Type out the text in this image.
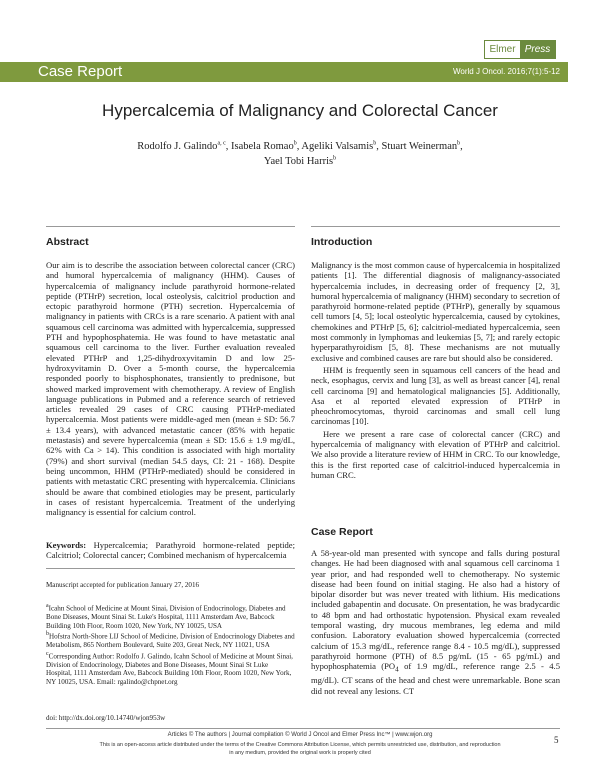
Elmer Press
Case Report	World J Oncol. 2016;7(1):5-12
Hypercalcemia of Malignancy and Colorectal Cancer
Rodolfo J. Galindo$^{a, c}$, Isabela Romao$^b$, Ageliki Valsamis$^b$, Stuart Weinerman$^b$,
Yael Tobi Harris$^b$
Abstract

Our aim is to describe the association between colorectal cancer (CRC) and humoral hypercalcemia of malignancy (HHM). Causes of hypercalcemia of malignancy include parathyroid hormone-related peptide (PTHrP) secretion, local osteolysis, calcitriol production and ectopic parathyroid hormone (PTH) secretion. Hypercalcemia of malignancy in patients with CRCs is a rare scenario. A patient with anal squamous cell carcinoma was admitted with hypercalcemia, suppressed PTH and hypophosphatemia. He was found to have metastatic anal squamous cell carcinoma to the liver. Further evaluation revealed elevated PTHrP and 1,25-dihydroxyvitamin D and low 25-hydroxyvitamin D. Over a 5-month course, the hypercalcemia responded poorly to bisphosphonates, transiently to prednisone, but showed marked improvement with chemotherapy. A review of English language publications in Pubmed and a reference search of retrieved articles revealed 29 cases of CRC causing PTHrP-mediated hypercalcemia. Most patients were middle-aged men (mean ± SD: 56.7 ± 13.4 years), with advanced metastatic cancer (85% with hepatic metastasis) and severe hypercalcemia (mean ± SD: 15.6 ± 1.9 mg/dL, 62% with Ca > 14). This condition is associated with high mortality (79%) and short survival (median 54.5 days, CI: 21 - 168). Despite being uncommon, HHM (PTHrP-mediated) should be considered in patients with metastatic CRC presenting with hypercalcemia. Clinicians should be aware that combined etiologies may be present, particularly in cases of resistant hypercalcemia. Treatment of the underlying malignancy is essential for calcium control.

Keywords: Hypercalcemia; Parathyroid hormone-related peptide; Calcitriol; Colorectal cancer; Combined mechanism of hypercalcemia

Manuscript accepted for publication January 27, 2016

$^a$Icahn School of Medicine at Mount Sinai, Division of Endocrinology, Diabetes and Bone Diseases, Mount Sinai St. Luke's Hospital, 1111 Amsterdam Ave, Babcock Building 10th Floor, Room 1020, New York, NY 10025, USA

$^b$Hofstra North-Shore LIJ School of Medicine, Division of Endocrinology Diabetes and Metabolism, 865 Northern Boulevard, Suite 203, Great Neck, NY 11021, USA

$^c$Corresponding Author: Rodolfo J. Galindo, Icahn School of Medicine at Mount Sinai, Division of Endocrinology, Diabetes and Bone Diseases, Mount Sinai St Luke Hospital, 1111 Amsterdam Ave, Babcock Building 10th Floor, Room 1020, New York, NY 10025, USA. Email: rgalindo@chpnet.org

doi: http://dx.doi.org/10.14740/wjon953w
Introduction

Malignancy is the most common cause of hypercalcemia in hospitalized patients [1]. The differential diagnosis of malignancy-associated hypercalcemia includes, in decreasing order of frequency [2, 3], humoral hypercalcemia of malignancy (HHM) secondary to secretion of parathyroid hormone-related peptide (PTHrP), generally by squamous cell tumors [4, 5]; local osteolytic hypercalcemia, caused by cytokines, chemokines and PTHrP [5, 6]; calcitriol-mediated hypercalcemia, seen most commonly in lymphomas and leukemias [5, 7]; and rarely ectopic hyperparathyroidism [5, 8]. These mechanisms are not mutually exclusive and combined causes are rare but should also be considered.

HHM is frequently seen in squamous cell cancers of the head and neck, esophagus, cervix and lung [3], as well as breast cancer [4], renal cell carcinoma [9] and hematological malignancies [5]. Additionally, Asa et al reported elevated expression of PTHrP in pheochromocytomas, thyroid carcinomas and small cell lung carcinomas [10].

Here we present a rare case of colorectal cancer (CRC) and hypercalcemia of malignancy with elevation of PTHrP and calcitriol. We also provide a literature review of HHM in CRC. To our knowledge, this is the first reported case of calcitriol-induced hypercalcemia in human CRC.

Case Report

A 58-year-old man presented with syncope and falls during postural changes. He had been diagnosed with anal squamous cell carcinoma 1 year prior, and had responded well to chemotherapy. No systemic disease had been found on initial staging. He also had a history of bipolar disorder but was never treated with lithium. His medications included gabapentin and docusate. On presentation, he was bradycardic to 48 bpm and had orthostatic hypotension. Physical exam revealed temporal wasting, dry mucous membranes, leg edema and mild confusion. Laboratory evaluation showed hypercalcemia (corrected calcium of 15.3 mg/dL, reference range 8.4 - 10.5 mg/dL), suppressed parathyroid hormone (PTH) of 8.5 pg/mL (15 - 65 pg/mL) and hypophosphatemia ($PO_4$ of 1.9 mg/dL, reference range 2.5 - 4.5 mg/dL). CT scans of the head and chest were unremarkable. Bone scan did not reveal any lesions. CT

Articles © The authors | Journal compilation © World J Oncol and Elmer Press Inc™ | www.wjon.org
This is an open-access article distributed under the terms of the Creative Commons Attribution License, which permits unrestricted use, distribution, and reproduction
in any medium, provided the original work is properly cited
5
